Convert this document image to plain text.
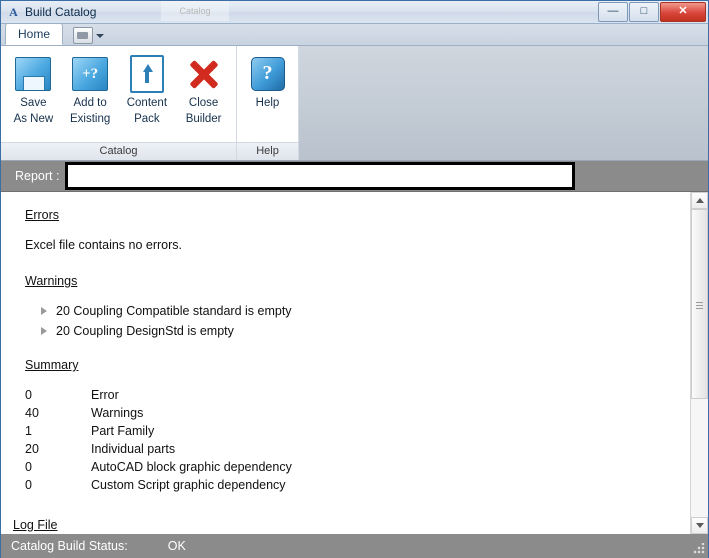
A Build Catalog	Catalog	—	□	✕
Home
Save
As New
+?
Add to
Existing
Content
Pack
Close
Builder
Catalog
?
Help
Help
Report :
Errors
Excel file contains no errors.
Warnings
20 Coupling Compatible standard is empty
20 Coupling DesignStd is empty
Summary
0	Error
40	Warnings
1	Part Family
20	Individual parts
0	AutoCAD block graphic dependency
0	Custom Script graphic dependency
Log File
Catalog Build Status:	OK
